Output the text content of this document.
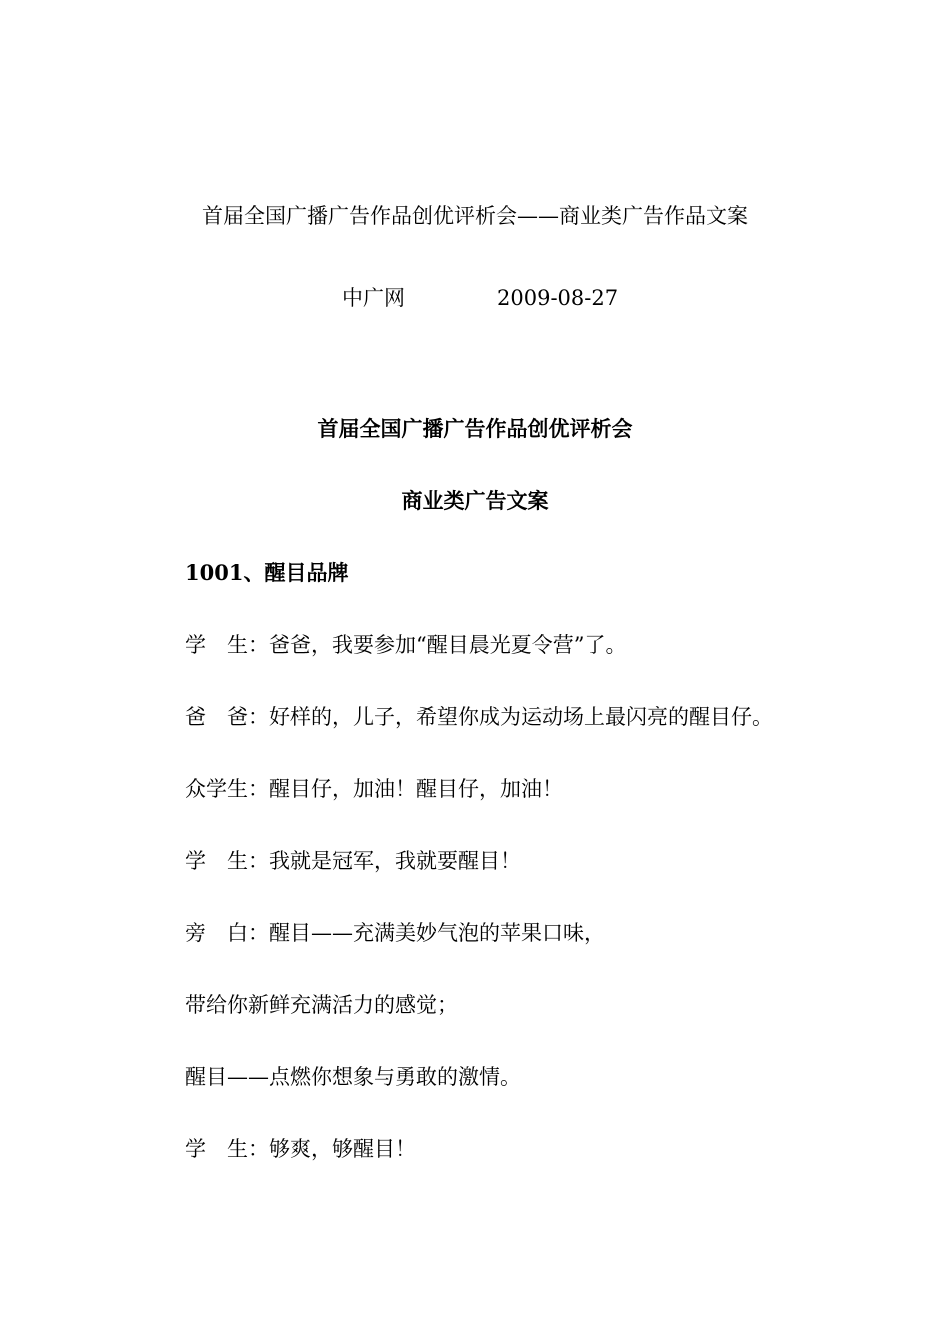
首届全国广播广告作品创优评析会——商业类广告作品文案
中广网	2009-08-27
首届全国广播广告作品创优评析会
商业类广告文案
1001、醒目品牌
学　生：爸爸，我要参加“醒目晨光夏令营”了。
爸　爸：好样的，儿子，希望你成为运动场上最闪亮的醒目仔。
众学生：醒目仔，加油！醒目仔，加油！
学　生：我就是冠军，我就要醒目！
旁　白：醒目——充满美妙气泡的苹果口味，
带给你新鲜充满活力的感觉；
醒目——点燃你想象与勇敢的激情。
学　生：够爽，够醒目！
